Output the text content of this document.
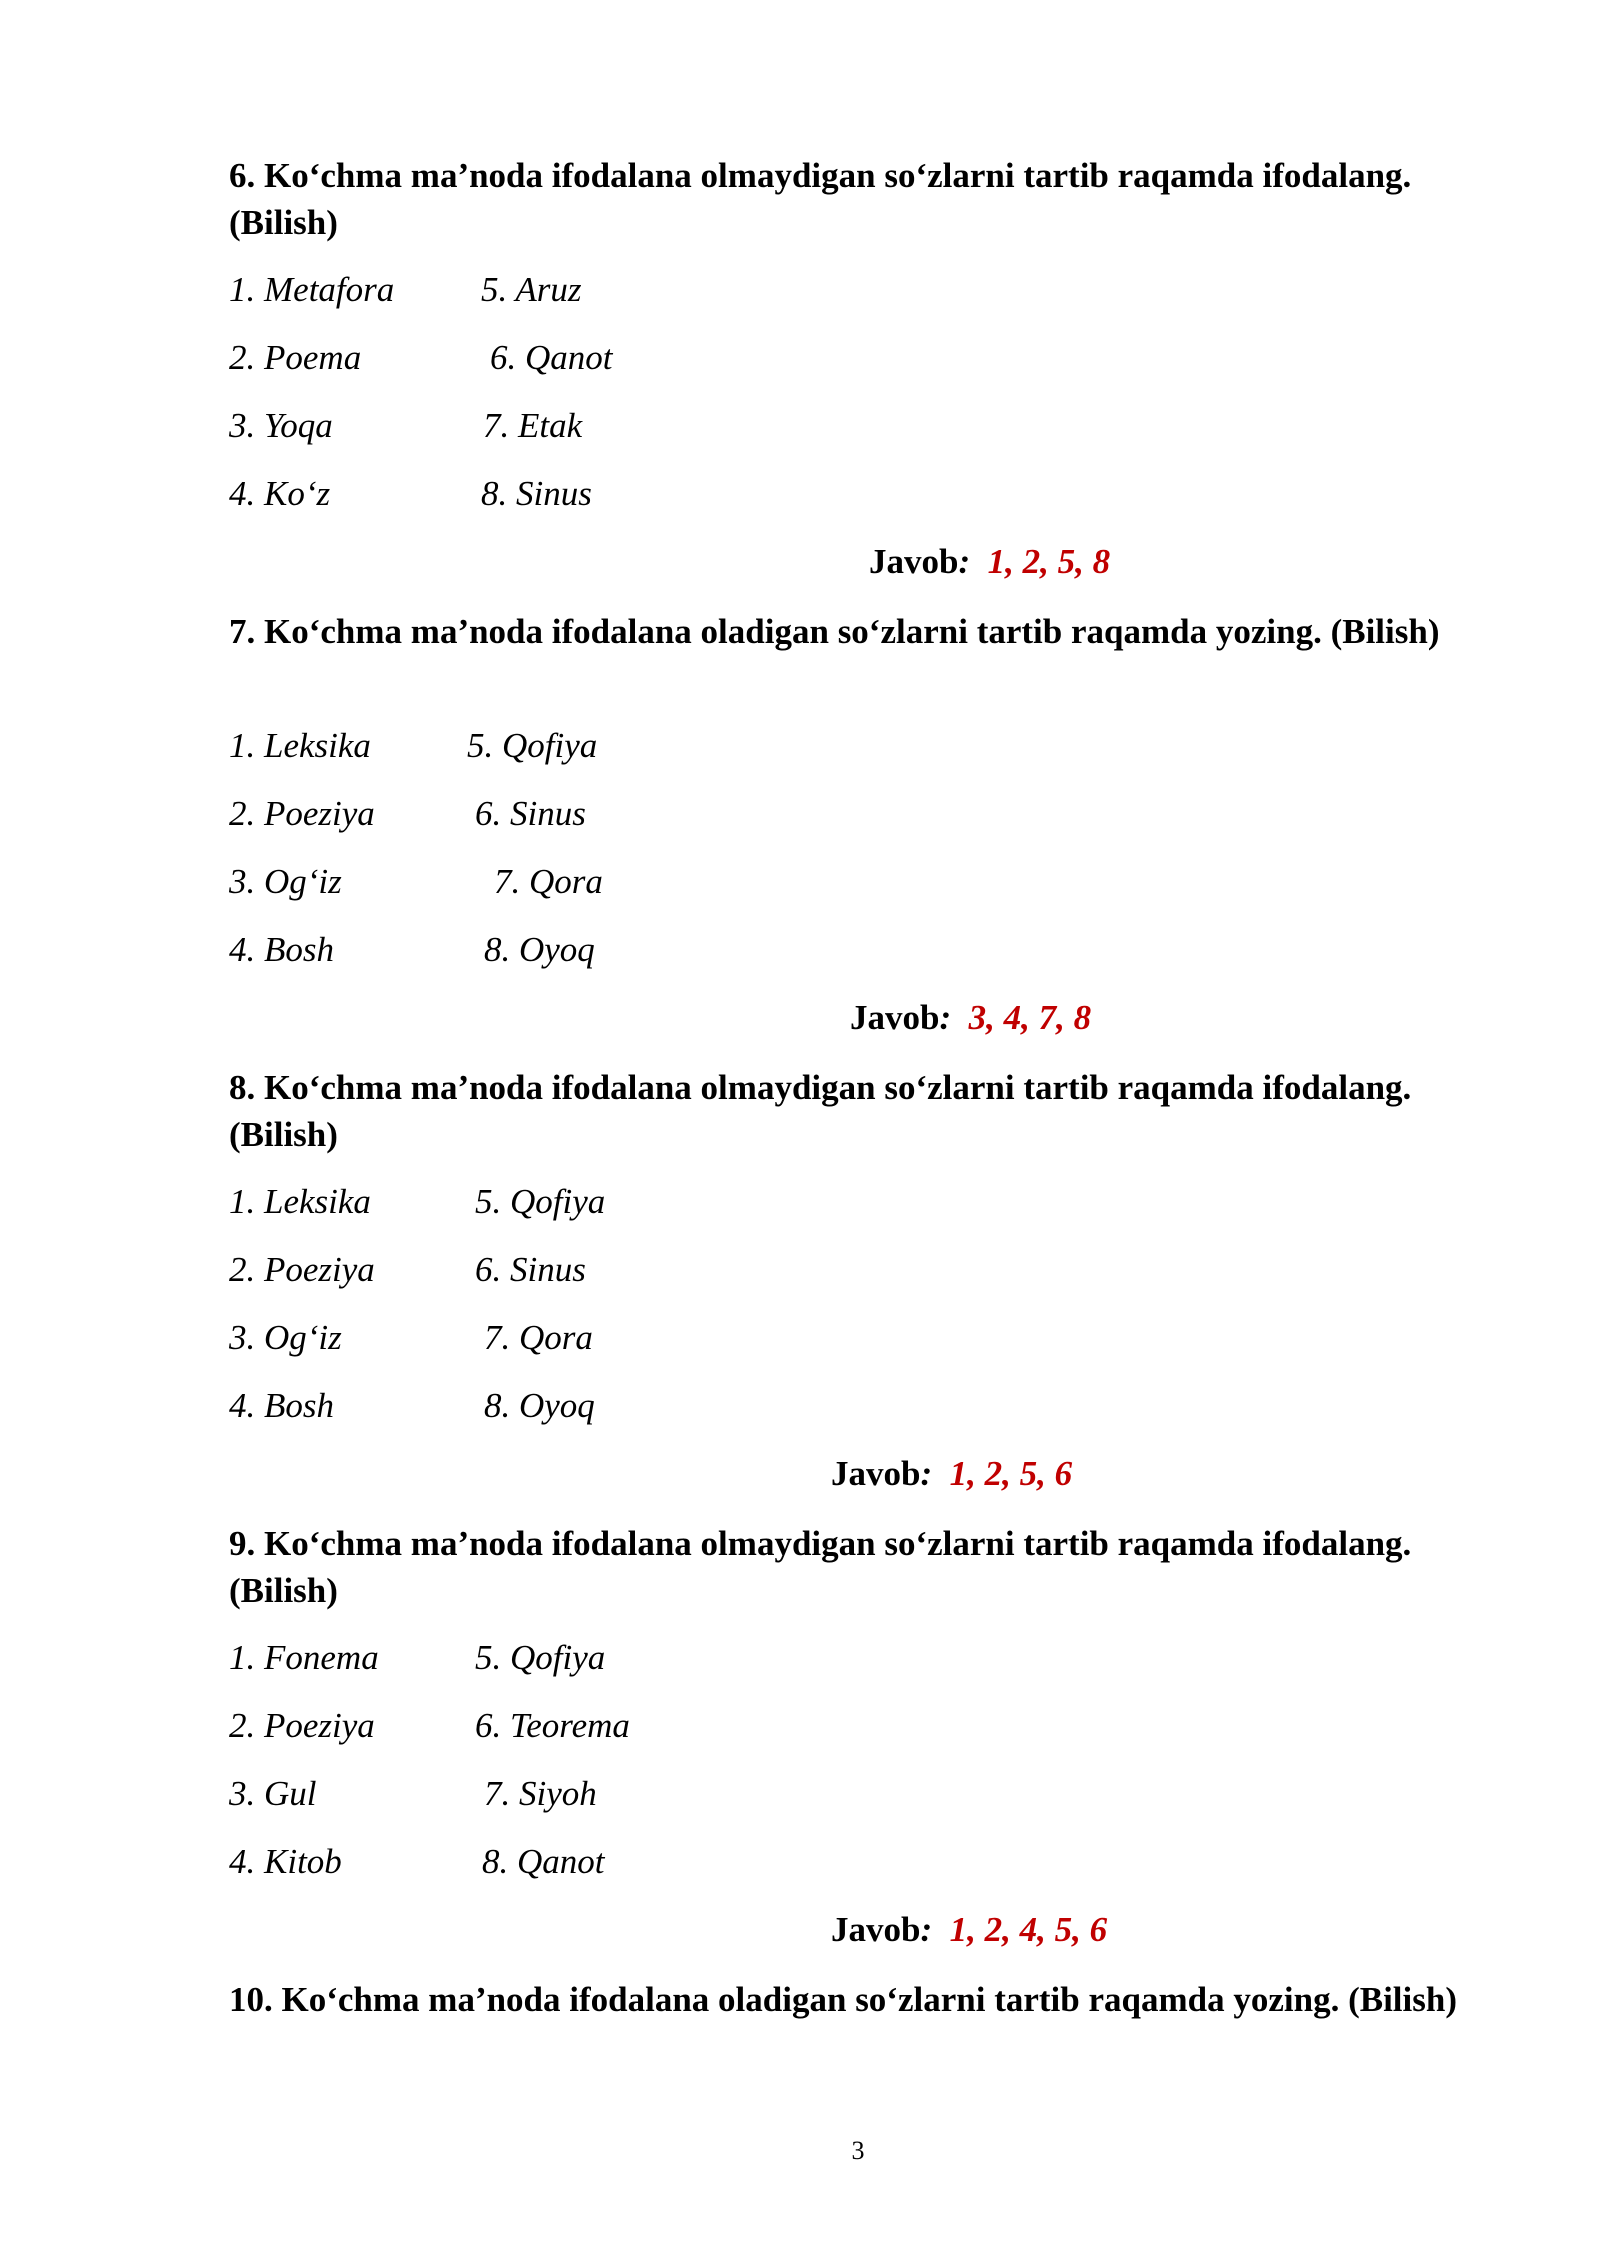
6. Ko‘chma ma’noda ifodalana olmaydigan so‘zlarni tartib raqamda ifodalang. (Bilish)

1. Metafora 5. Aruz
2. Poema	6. Qanot
3. Yoqa	7. Etak
4. Ko‘z	8. Sinus
Javob: 1, 2, 5, 8

7. Ko‘chma ma’noda ifodalana oladigan so‘zlarni tartib raqamda yozing. (Bilish)

1. Leksika	5. Qofiya
2. Poeziya	6. Sinus
3. Og‘iz	7. Qora
4. Bosh	8. Oyoq
Javob: 3, 4, 7, 8

8. Ko‘chma ma’noda ifodalana olmaydigan so‘zlarni tartib raqamda ifodalang. (Bilish)

1. Leksika	5. Qofiya
2. Poeziya	6. Sinus
3. Og‘iz	7. Qora
4. Bosh	8. Oyoq
Javob: 1, 2, 5, 6

9. Ko‘chma ma’noda ifodalana olmaydigan so‘zlarni tartib raqamda ifodalang. (Bilish)

1. Fonema	5. Qofiya
2. Poeziya	6. Teorema
3. Gul	7. Siyoh
4. Kitob	8. Qanot
Javob: 1, 2, 4, 5, 6

10. Ko‘chma ma’noda ifodalana oladigan so‘zlarni tartib raqamda yozing. (Bilish)

3
